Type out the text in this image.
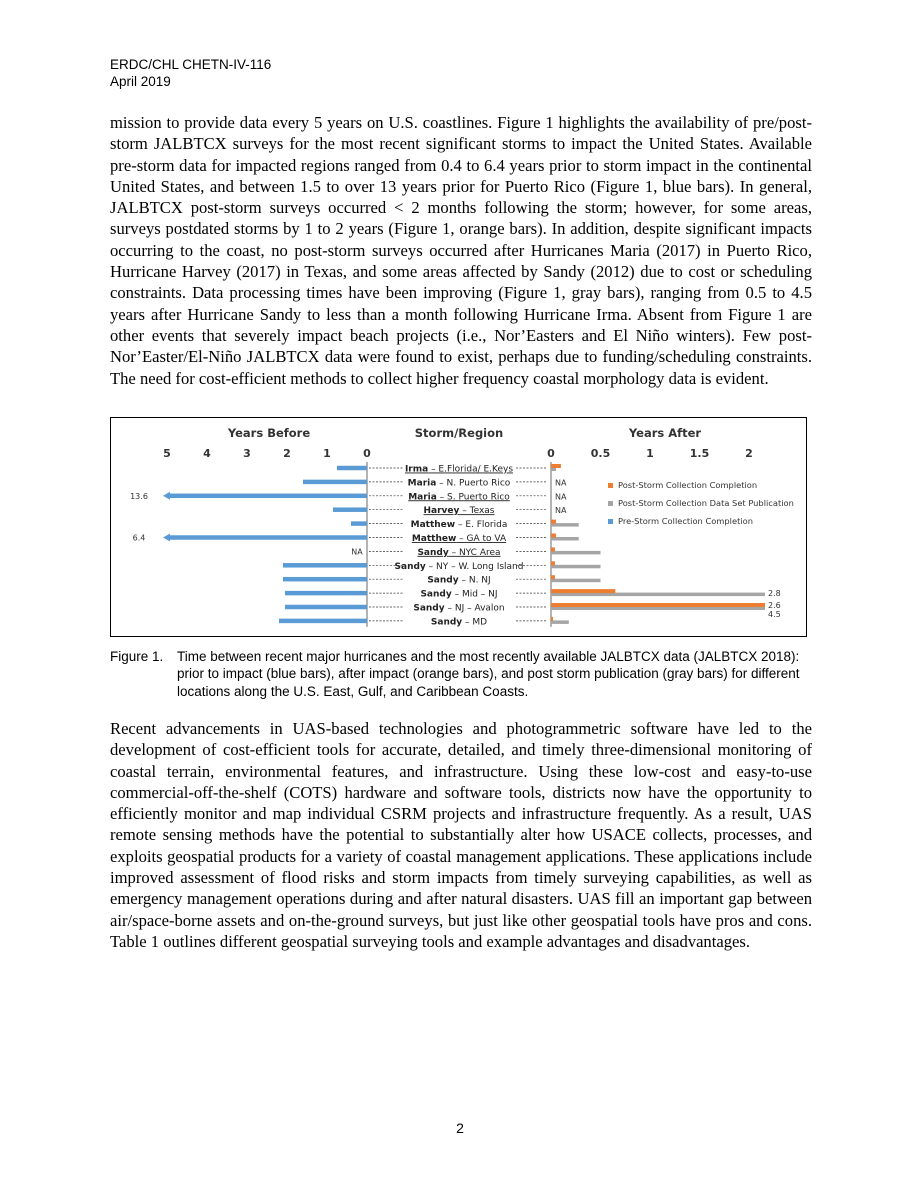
ERDC/CHL CHETN-IV-116
April 2019

mission to provide data every 5 years on U.S. coastlines. Figure 1 highlights the availability of pre/post-storm JALBTCX surveys for the most recent significant storms to impact the United States. Available pre-storm data for impacted regions ranged from 0.4 to 6.4 years prior to storm impact in the continental United States, and between 1.5 to over 13 years prior for Puerto Rico (Figure 1, blue bars). In general, JALBTCX post-storm surveys occurred < 2 months following the storm; however, for some areas, surveys postdated storms by 1 to 2 years (Figure 1, orange bars). In addition, despite significant impacts occurring to the coast, no post-storm surveys occurred after Hurricanes Maria (2017) in Puerto Rico, Hurricane Harvey (2017) in Texas, and some areas affected by Sandy (2012) due to cost or scheduling constraints. Data processing times have been improving (Figure 1, gray bars), ranging from 0.5 to 4.5 years after Hurricane Sandy to less than a month following Hurricane Irma. Absent from Figure 1 are other events that severely impact beach projects (i.e., Nor’Easters and El Niño winters). Few post-Nor’Easter/El-Niño JALBTCX data were found to exist, perhaps due to funding/scheduling constraints. The need for cost-efficient methods to collect higher frequency coastal morphology data is evident.

Years Before	Storm/Region	Years After
5	4	3	2	1	0	0	0.5	1	1.5	2
Irma – E.Florida/ E.Keys
Maria – N. Puerto Rico	NA
Maria – S. Puerto Rico
13.6	NA
Harvey – Texas	NA
Matthew – E. Florida
Matthew – GA to VA
6.4
Sandy – NYC Area
NA
Sandy – NY – W. Long Island
Sandy – N. NJ
Sandy – Mid – NJ	2.8
Sandy – NJ – Avalon	2.6
4.5
Sandy – MD
Post-Storm Collection Completion
Post-Storm Collection Data Set Publication
Pre-Storm Collection Completion
Figure 1. Time between recent major hurricanes and the most recently available JALBTCX data (JALBTCX 2018): prior to impact (blue bars), after impact (orange bars), and post storm publication (gray bars) for different locations along the U.S. East, Gulf, and Caribbean Coasts.

Recent advancements in UAS-based technologies and photogrammetric software have led to the development of cost-efficient tools for accurate, detailed, and timely three-dimensional monitoring of coastal terrain, environmental features, and infrastructure. Using these low-cost and easy-to-use commercial-off-the-shelf (COTS) hardware and software tools, districts now have the opportunity to efficiently monitor and map individual CSRM projects and infrastructure frequently. As a result, UAS remote sensing methods have the potential to substantially alter how USACE collects, processes, and exploits geospatial products for a variety of coastal management applications. These applications include improved assessment of flood risks and storm impacts from timely surveying capabilities, as well as emergency management operations during and after natural disasters. UAS fill an important gap between air/space-borne assets and on-the-ground surveys, but just like other geospatial tools have pros and cons. Table 1 outlines different geospatial surveying tools and example advantages and disadvantages.

2
